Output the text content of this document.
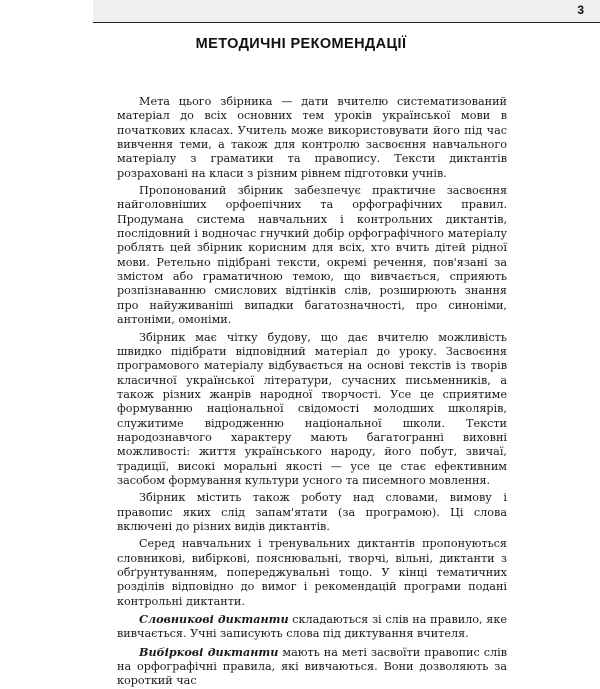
3
МЕТОДИЧНІ РЕКОМЕНДАЦІЇ

Мета цього збірника — дати вчителю систематизований матеріал до всіх основних тем уроків української мови в початкових класах. Учитель може використовувати його під час вивчення теми, а також для контролю засвоєння навчального матеріалу з граматики та правопису. Тексти диктантів розраховані на класи з різним рівнем підготовки учнів.

Пропонований збірник забезпечує практичне засвоєння найголовніших орфоепічних та орфографічних правил. Продумана система навчальних і контрольних диктантів, послідовний і водночас гнучкий добір орфографічного матеріалу роблять цей збірник корисним для всіх, хто вчить дітей рідної мови. Ретельно підібрані тексти, окремі речення, пов'язані за змістом або граматичною темою, що вивчається, сприяють розпізнаванню смислових відтінків слів, розширюють знання про найуживаніші випадки багатозначності, про синоніми, антоніми, омоніми.

Збірник має чітку будову, що дає вчителю можливість швидко підібрати відповідний матеріал до уроку. Засвоєння програмового матеріалу відбувається на основі текстів із творів класичної української літератури, сучасних письменників, а також різних жанрів народної творчості. Усе це сприятиме формуванню національної свідомості молодших школярів, служитиме відродженню національної школи. Тексти народознавчого характеру мають багатогранні виховні можливості: життя українського народу, його побут, звичаї, традиції, високі моральні якості — усе це стає ефективним засобом формування культури усного та писемного мовлення.

Збірник містить також роботу над словами, вимову і правопис яких слід запам'ятати (за програмою). Ці слова включені до різних видів диктантів.

Серед навчальних і тренувальних диктантів пропонуються словникові, вибіркові, пояснювальні, творчі, вільні, диктанти з обґрунтуванням, попереджувальні тощо. У кінці тематичних розділів відповідно до вимог і рекомендацій програми подані контрольні диктанти.

Словникові диктанти складаються зі слів на правило, яке вивчається. Учні записують слова під диктування вчителя.

Вибіркові диктанти мають на меті засвоїти правопис слів на орфографічні правила, які вивчаються. Вони дозволяють за короткий час
